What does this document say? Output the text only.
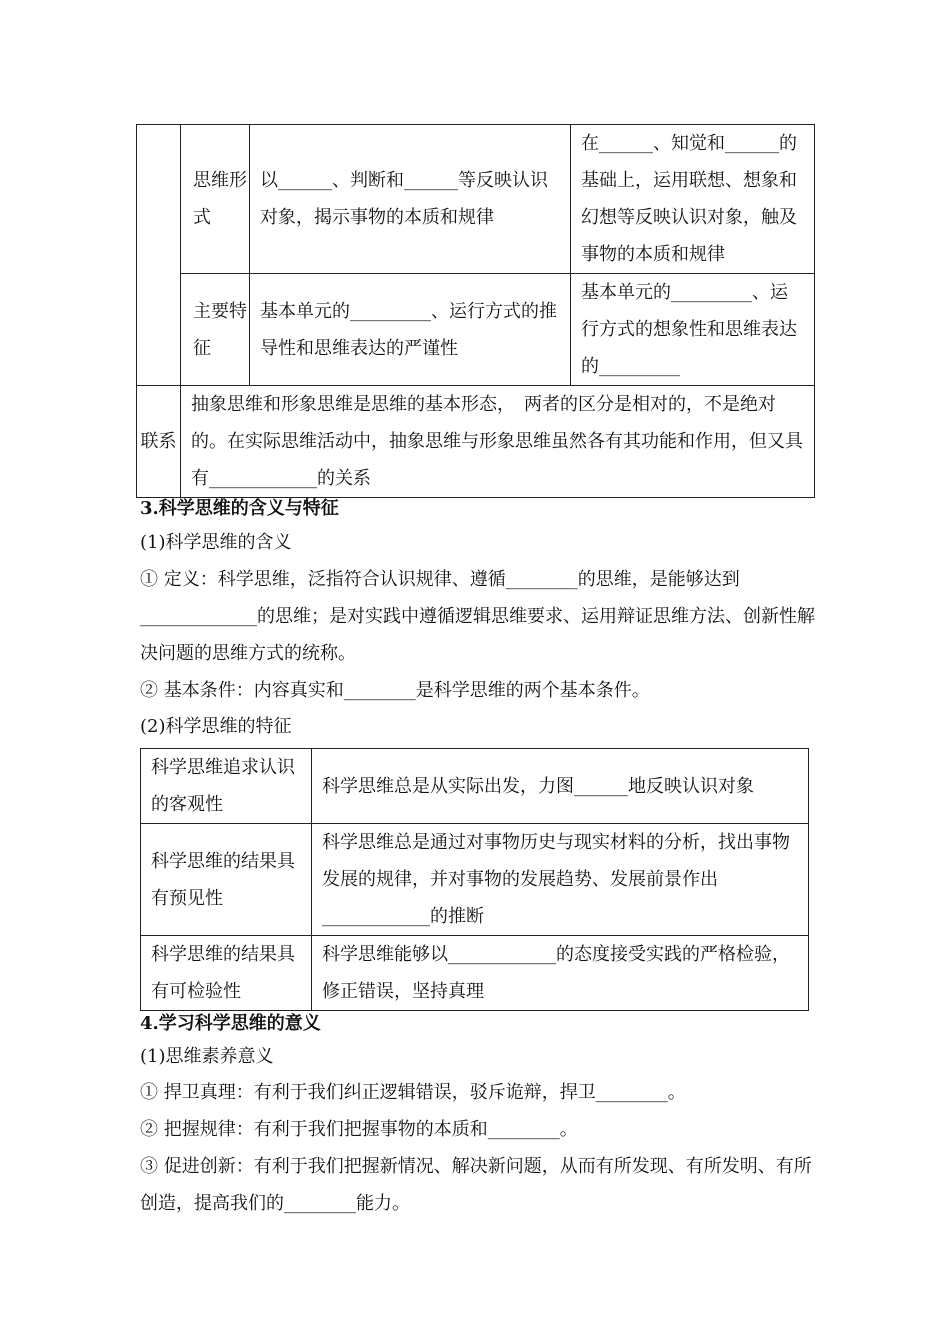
	思维形式	以______、判断和______等反映认识对象，揭示事物的本质和规律	在______、知觉和______的基础上，运用联想、想象和幻想等反映认识对象，触及事物的本质和规律
	主要特征	基本单元的_________、运行方式的推导性和思维表达的严谨性	基本单元的_________、运行方式的想象性和思维表达的_________
联系	抽象思维和形象思维是思维的基本形态，　两者的区分是相对的，不是绝对的。在实际思维活动中，抽象思维与形象思维虽然各有其功能和作用，但又具有____________的关系		
3.科学思维的含义与特征
(1)科学思维的含义
① 定义：科学思维，泛指符合认识规律、遵循________的思维，是能够达到_____________的思维；是对实践中遵循逻辑思维要求、运用辩证思维方法、创新性解决问题的思维方式的统称。
② 基本条件：内容真实和________是科学思维的两个基本条件。
(2)科学思维的特征
科学思维追求认识的客观性	科学思维总是从实际出发，力图______地反映认识对象
科学思维的结果具有预见性	科学思维总是通过对事物历史与现实材料的分析，找出事物发展的规律，并对事物的发展趋势、发展前景作出____________的推断
科学思维的结果具有可检验性	科学思维能够以____________的态度接受实践的严格检验，修正错误，坚持真理
4.学习科学思维的意义
(1)思维素养意义
① 捍卫真理：有利于我们纠正逻辑错误，驳斥诡辩，捍卫________。
② 把握规律：有利于我们把握事物的本质和________。
③ 促进创新：有利于我们把握新情况、解决新问题，从而有所发现、有所发明、有所创造，提高我们的________能力。
